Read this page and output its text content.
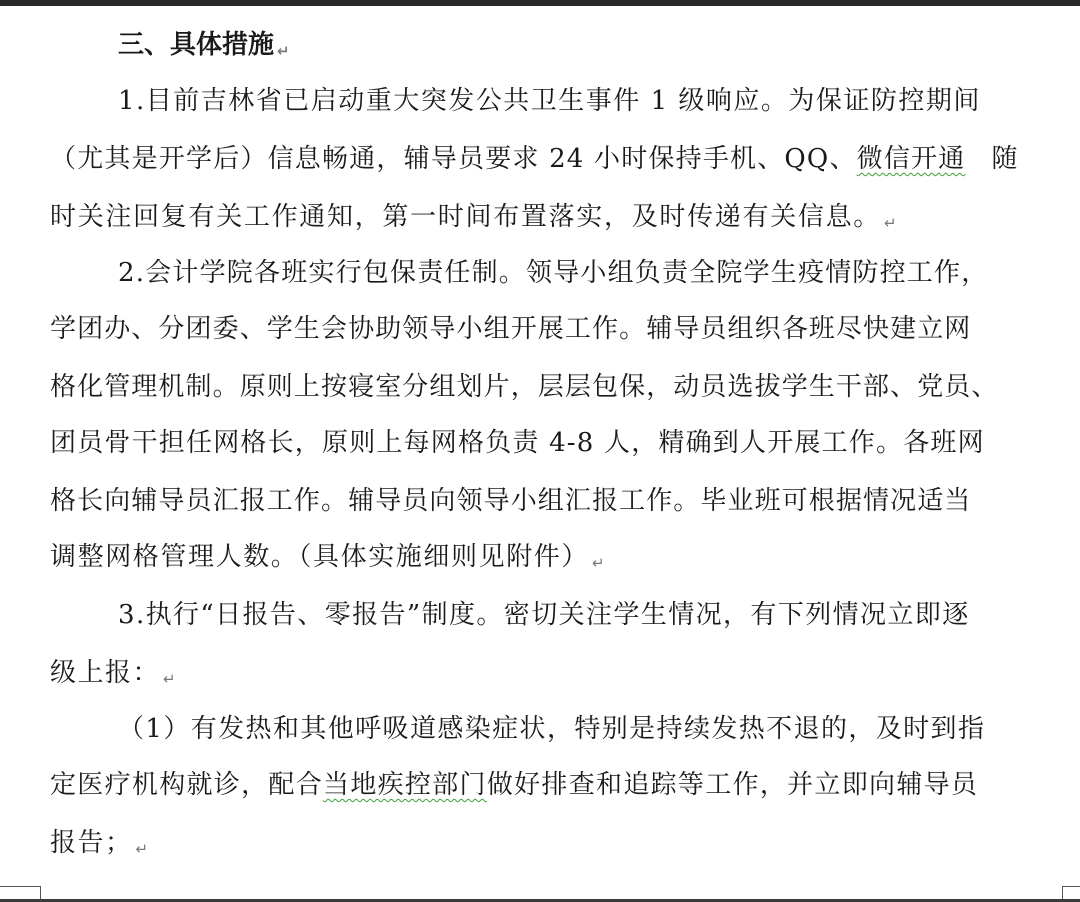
三、具体措施 ↵
1.目前吉林省已启动重大突发公共卫生事件 1 级响应。为保证防控期间
（尤其是开学后）信息畅通，辅导员要求 24 小时保持手机、QQ、微信开通 随
时关注回复有关工作通知，第一时间布置落实，及时传递有关信息。 ↵
2.会计学院各班实行包保责任制。领导小组负责全院学生疫情防控工作，
学团办、分团委、学生会协助领导小组开展工作。辅导员组织各班尽快建立网
格化管理机制。原则上按寝室分组划片，层层包保，动员选拔学生干部、党员、
团员骨干担任网格长，原则上每网格负责 4-8 人，精确到人开展工作。各班网
格长向辅导员汇报工作。辅导员向领导小组汇报工作。毕业班可根据情况适当
调整网格管理人数。（具体实施细则见附件） ↵
3.执行“日报告、零报告”制度。密切关注学生情况，有下列情况立即逐
级上报： ↵
（1）有发热和其他呼吸道感染症状，特别是持续发热不退的，及时到指
定医疗机构就诊，配合当地疾控部门做好排查和追踪等工作，并立即向辅导员
报告； ↵
